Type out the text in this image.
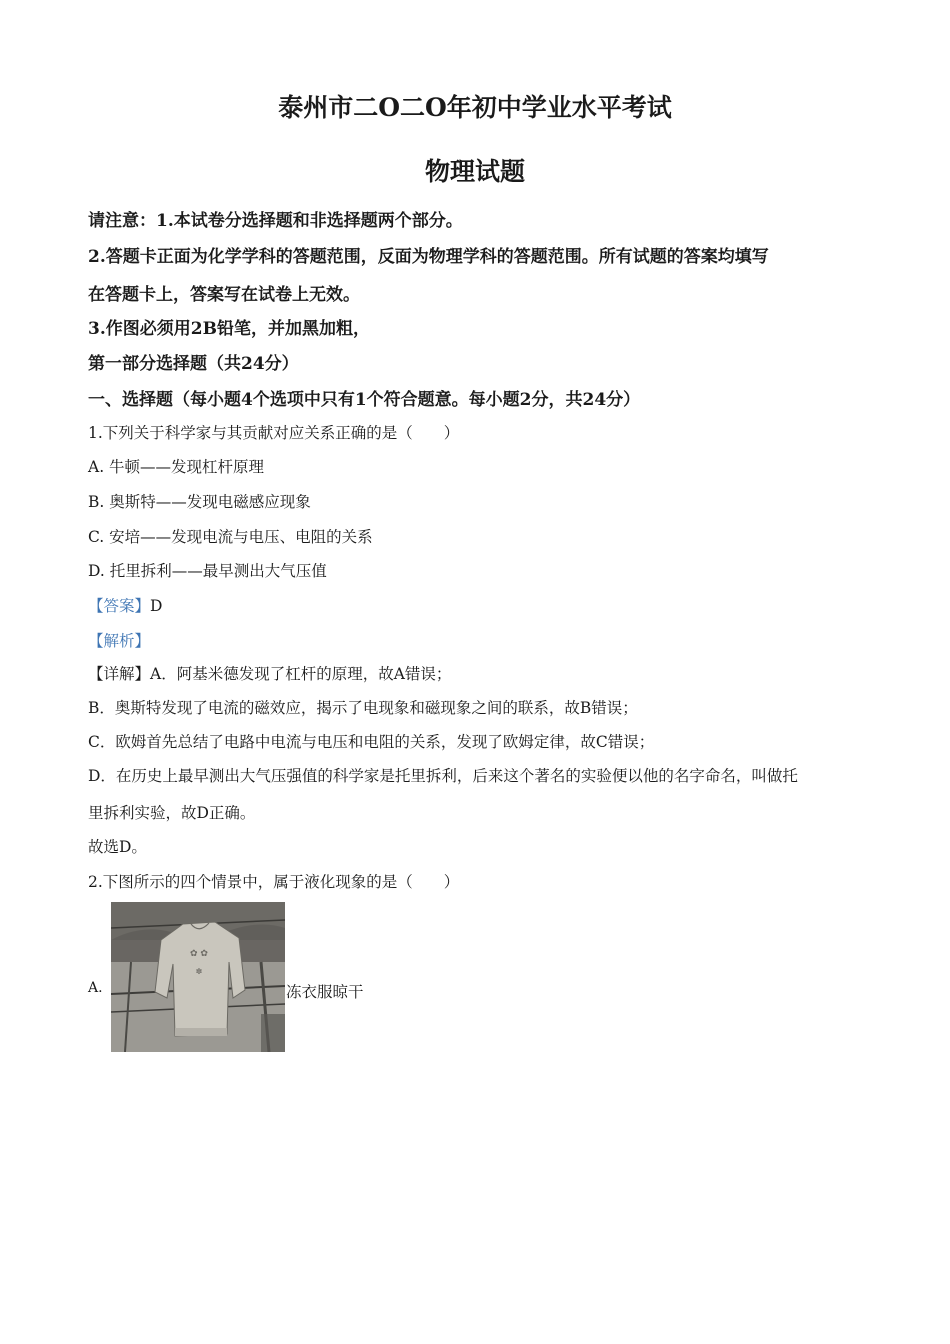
泰州市二O二O年初中学业水平考试
物理试题
请注意：1.本试卷分选择题和非选择题两个部分。
2.答题卡正面为化学学科的答题范围，反面为物理学科的答题范围。所有试题的答案均填写
在答题卡上，答案写在试卷上无效。
3.作图必须用2B铅笔，并加黑加粗，
第一部分选择题（共24分）
一、选择题（每小题4个选项中只有1个符合题意。每小题2分，共24分）
1.下列关于科学家与其贡献对应关系正确的是（　　）
A. 牛顿——发现杠杆原理
B. 奥斯特——发现电磁感应现象
C. 安培——发现电流与电压、电阻的关系
D. 托里拆利——最早测出大气压值
【答案】D
【解析】
【详解】A．阿基米德发现了杠杆的原理，故A错误；
B．奥斯特发现了电流的磁效应，揭示了电现象和磁现象之间的联系，故B错误；
C．欧姆首先总结了电路中电流与电压和电阻的关系，发现了欧姆定律，故C错误；
D．在历史上最早测出大气压强值的科学家是托里拆利，后来这个著名的实验便以他的名字命名，叫做托
里拆利实验，故D正确。
故选D。
2.下图所示的四个情景中，属于液化现象的是（　　）
A.
✿ ✿
✽
冻衣服晾干
